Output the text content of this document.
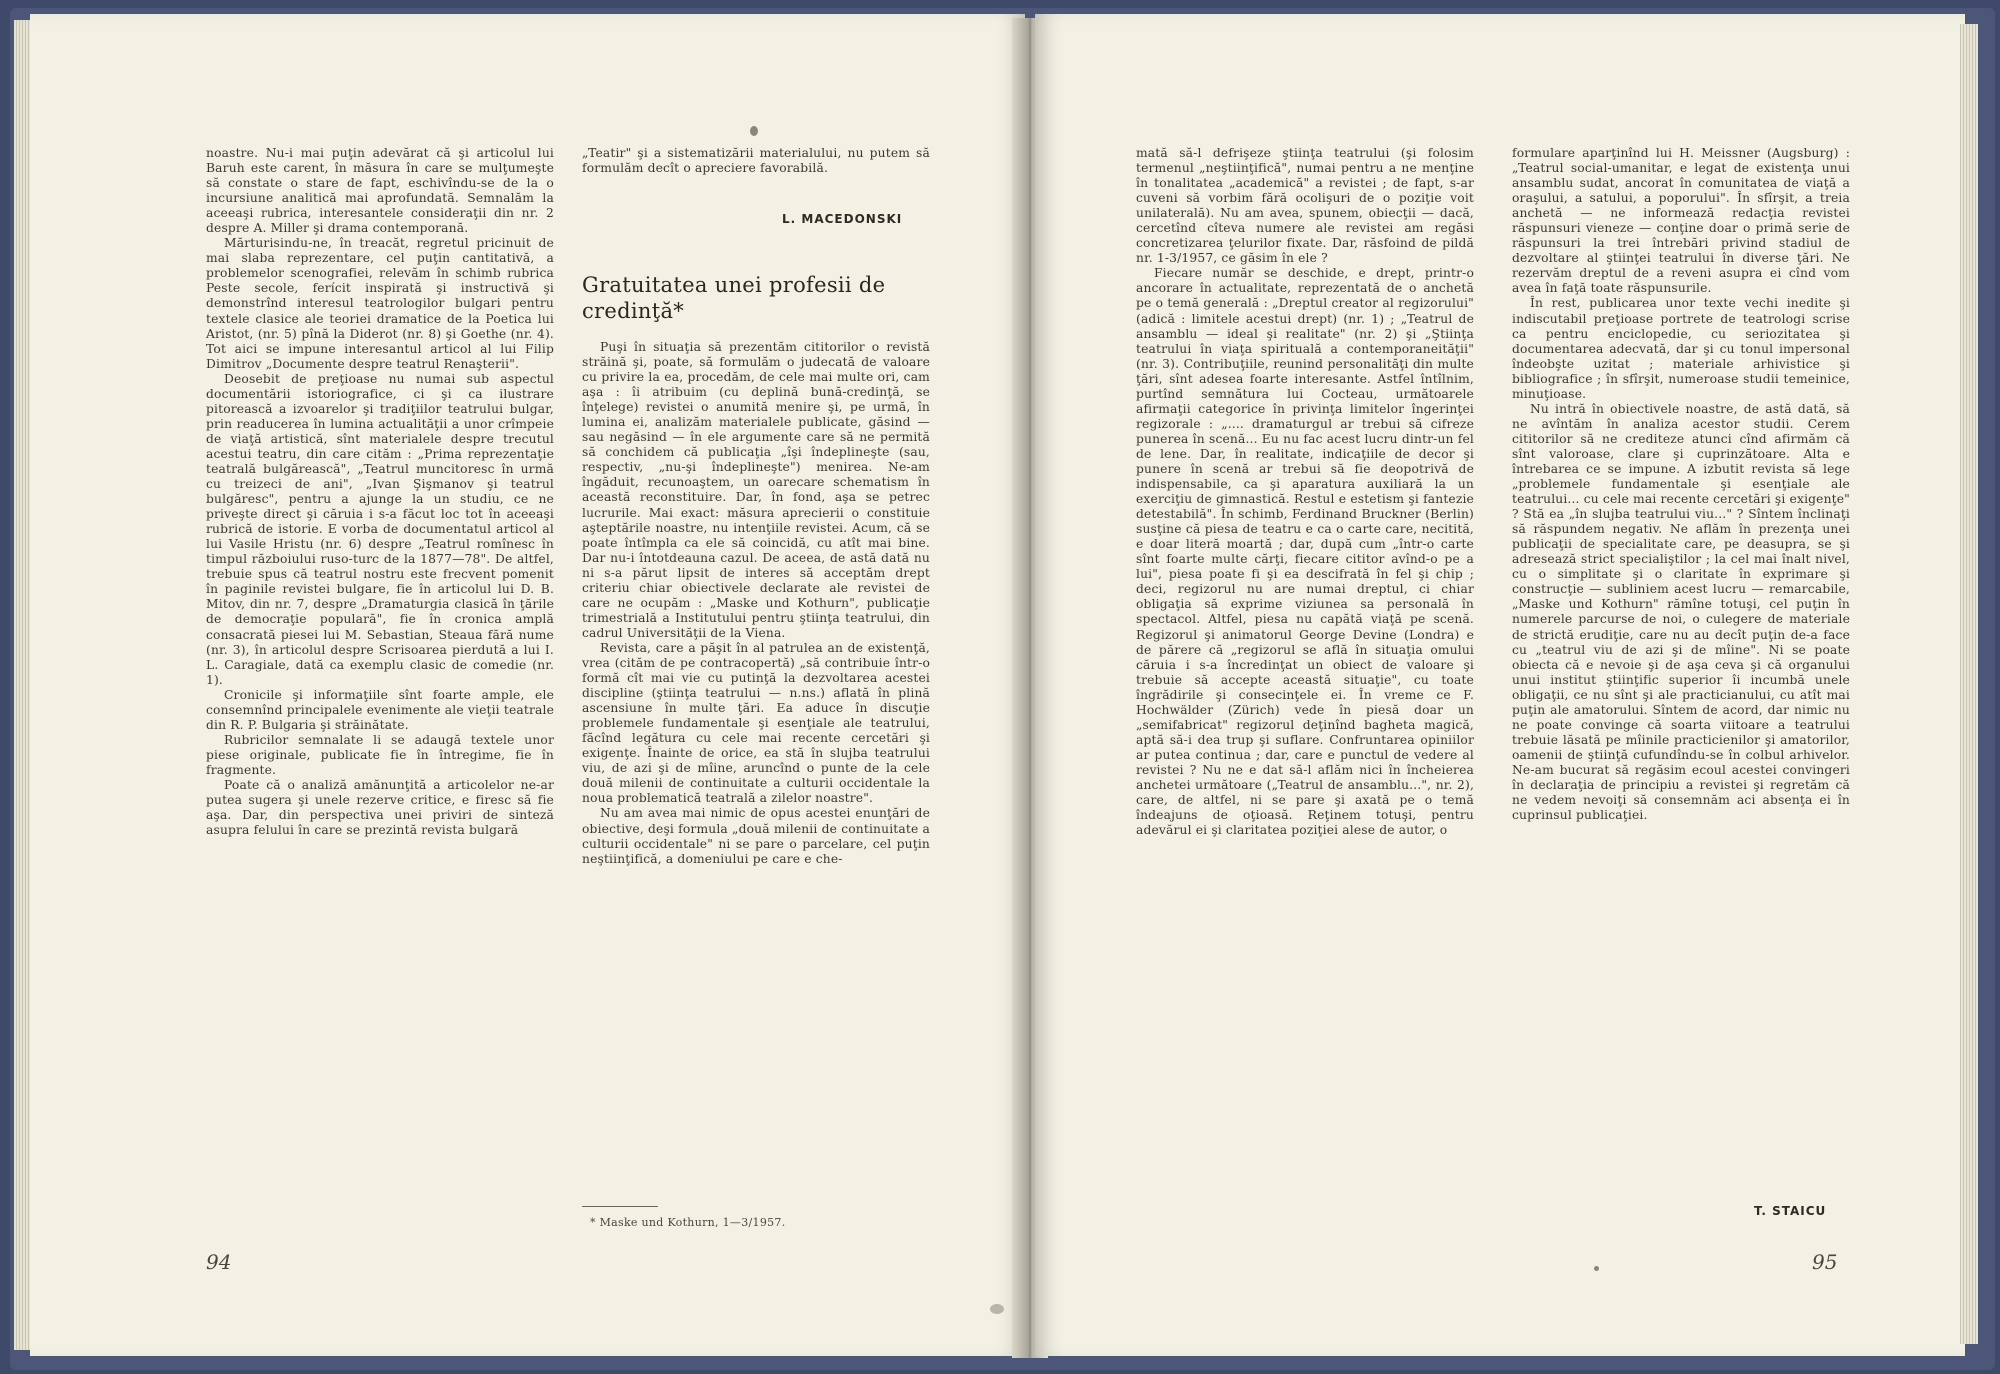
noastre. Nu-i mai puţin adevărat că şi articolul lui Baruh este carent, în măsura în care se mulţumeşte să constate o stare de fapt, eschivîndu-se de la o incursiune analitică mai aprofundată. Semnalăm la aceeaşi rubrica, interesantele consideraţii din nr. 2 despre A. Miller şi drama contemporană.

Mărturisindu-ne, în treacăt, regretul pricinuit de mai slaba reprezentare, cel puţin cantitativă, a problemelor scenografiei, relevăm în schimb rubrica Peste secole, ferícit inspirată şi instructivă şi demonstrînd interesul teatrologilor bulgari pentru textele clasice ale teoriei dramatice de la Poetica lui Aristot, (nr. 5) pînă la Diderot (nr. 8) şi Goethe (nr. 4). Tot aici se impune interesantul articol al lui Filip Dimitrov „Documente despre teatrul Renaşterii".

Deosebit de preţioase nu numai sub aspectul documentării istoriografice, ci şi ca ilustrare pitorească a izvoarelor şi tradiţiilor teatrului bulgar, prin readucerea în lumina actualităţii a unor crîmpeie de viaţă artistică, sînt materialele despre trecutul acestui teatru, din care cităm : „Prima reprezentaţie teatrală bulgărească", „Teatrul muncitoresc în urmă cu treizeci de ani", „Ivan Şişmanov şi teatrul bulgăresc", pentru a ajunge la un studiu, ce ne priveşte direct şi căruia i s-a făcut loc tot în aceeaşi rubrică de istorie. E vorba de documentatul articol al lui Vasile Hristu (nr. 6) despre „Teatrul romînesc în timpul războiului ruso-turc de la 1877—78". De altfel, trebuie spus că teatrul nostru este frecvent pomenit în paginile revistei bulgare, fie în articolul lui D. B. Mitov, din nr. 7, despre „Dramaturgia clasică în ţările de democraţie populară", fie în cronica amplă consacrată piesei lui M. Sebastian, Steaua fără nume (nr. 3), în articolul despre Scrisoarea pierdută a lui I. L. Caragiale, dată ca exemplu clasic de comedie (nr. 1).

Cronicile şi informaţiile sînt foarte ample, ele consemnînd principalele evenimente ale vieţii teatrale din R. P. Bulgaria şi străinătate.

Rubricilor semnalate li se adaugă textele unor piese originale, publicate fie în întregime, fie în fragmente.

Poate că o analiză amănunţită a articolelor ne-ar putea sugera şi unele rezerve critice, e firesc să fie aşa. Dar, din perspectiva unei priviri de sinteză asupra felului în care se prezintă revista bulgară

„Teatir" şi a sistematizării materialului, nu putem să formulăm decît o apreciere favorabilă.

L. MACEDONSKI
Gratuitatea unei profesii de credinţă*

Puşi în situaţia să prezentăm cititorilor o revistă străină şi, poate, să formulăm o judecată de valoare cu privire la ea, procedăm, de cele mai multe ori, cam aşa : îi atribuim (cu deplină bună-credinţă, se înţelege) revistei o anumită menire şi, pe urmă, în lumina ei, analizăm materialele publicate, găsind — sau negăsind — în ele argumente care să ne permită să conchidem că publicaţia „îşi îndeplineşte (sau, respectiv, „nu-şi îndeplineşte") menirea. Ne-am îngăduit, recunoaştem, un oarecare schematism în această reconstituire. Dar, în fond, aşa se petrec lucrurile. Mai exact: măsura aprecierii o constituie aşteptările noastre, nu intenţiile revistei. Acum, că se poate întîmpla ca ele să coincidă, cu atît mai bine. Dar nu-i întotdeauna cazul. De aceea, de astă dată nu ni s-a părut lipsit de interes să acceptăm drept criteriu chiar obiectivele declarate ale revistei de care ne ocupăm : „Maske und Kothurn", publicaţie trimestrială a Institutului pentru ştiinţa teatrului, din cadrul Universităţii de la Viena.

Revista, care a păşit în al patrulea an de existenţă, vrea (cităm de pe contracopertă) „să contribuie într-o formă cît mai vie cu putinţă la dezvoltarea acestei discipline (ştiinţa teatrului — n.ns.) aflată în plină ascensiune în multe ţări. Ea aduce în discuţie problemele fundamentale şi esenţiale ale teatrului, făcînd legătura cu cele mai recente cercetări şi exigenţe. Înainte de orice, ea stă în slujba teatrului viu, de azi şi de mîine, aruncînd o punte de la cele două milenii de continuitate a culturii occidentale la noua problematică teatrală a zilelor noastre".

Nu am avea mai nimic de opus acestei enunţări de obiective, deşi formula „două milenii de continuitate a culturii occidentale" ni se pare o parcelare, cel puţin neştiinţifică, a domeniului pe care e che-

* Maske und Kothurn, 1—3/1957.
94

mată să-l defrişeze ştiinţa teatrului (şi folosim termenul „neştiinţifică", numai pentru a ne menţine în tonalitatea „academică" a revistei ; de fapt, s-ar cuveni să vorbim fără ocolişuri de o poziţie voit unilaterală). Nu am avea, spunem, obiecţii — dacă, cercetînd cîteva numere ale revistei am regăsi concretizarea ţelurilor fixate. Dar, răsfoind de pildă nr. 1-3/1957, ce găsim în ele ?

Fiecare număr se deschide, e drept, printr-o ancorare în actualitate, reprezentată de o anchetă pe o temă generală : „Dreptul creator al regizorului" (adică : limitele acestui drept) (nr. 1) ; „Teatrul de ansamblu — ideal şi realitate" (nr. 2) şi „Ştiinţa teatrului în viaţa spirituală a contemporaneităţii" (nr. 3). Contribuţiile, reunind personalităţi din multe ţări, sînt adesea foarte interesante. Astfel întîlnim, purtînd semnătura lui Cocteau, următoarele afirmaţii categorice în privinţa limitelor îngerinţei regizorale : „.... dramaturgul ar trebui să cifreze punerea în scenă... Eu nu fac acest lucru dintr-un fel de lene. Dar, în realitate, indicaţiile de decor şi punere în scenă ar trebui să fie deopotrivă de indispensabile, ca şi aparatura auxiliară la un exerciţiu de gimnastică. Restul e estetism şi fantezie detestabilă". În schimb, Ferdinand Bruckner (Berlin) susţine că piesa de teatru e ca o carte care, necitită, e doar literă moartă ; dar, după cum „într-o carte sînt foarte multe cărţi, fiecare cititor avînd-o pe a lui", piesa poate fi şi ea descifrată în fel şi chip ; deci, regizorul nu are numai dreptul, ci chiar obligaţia să exprime viziunea sa personală în spectacol. Altfel, piesa nu capătă viaţă pe scenă. Regizorul şi animatorul George Devine (Londra) e de părere că „regizorul se află în situaţia omului căruia i s-a încredinţat un obiect de valoare şi trebuie să accepte această situaţie", cu toate îngrădirile şi consecinţele ei. În vreme ce F. Hochwälder (Zürich) vede în piesă doar un „semifabricat" regizorul deţinînd bagheta magică, aptă să-i dea trup şi suflare. Confruntarea opiniilor ar putea continua ; dar, care e punctul de vedere al revistei ? Nu ne e dat să-l aflăm nici în încheierea anchetei următoare („Teatrul de ansamblu...", nr. 2), care, de altfel, ni se pare şi axată pe o temă îndeajuns de oţioasă. Reţinem totuşi, pentru adevărul ei şi claritatea poziţiei alese de autor, o

formulare aparţinînd lui H. Meissner (Augsburg) : „Teatrul social-umanitar, e legat de existenţa unui ansamblu sudat, ancorat în comunitatea de viaţă a oraşului, a satului, a poporului". În sfîrşit, a treia anchetă — ne informează redacţia revistei răspunsuri vieneze — conţine doar o primă serie de răspunsuri la trei întrebări privind stadiul de dezvoltare al ştiinţei teatrului în diverse ţări. Ne rezervăm dreptul de a reveni asupra ei cînd vom avea în faţă toate răspunsurile.

În rest, publicarea unor texte vechi inedite şi indiscutabil preţioase portrete de teatrologi scrise ca pentru enciclopedie, cu seriozitatea şi documentarea adecvată, dar şi cu tonul impersonal îndeobşte uzitat ; materiale arhivistice şi bibliografice ; în sfîrşit, numeroase studii temeinice, minuţioase.

Nu intră în obiectivele noastre, de astă dată, să ne avîntăm în analiza acestor studii. Cerem cititorilor să ne crediteze atunci cînd afirmăm că sînt valoroase, clare şi cuprinzătoare. Alta e întrebarea ce se impune. A izbutit revista să lege „problemele fundamentale şi esenţiale ale teatrului... cu cele mai recente cercetări şi exigenţe" ? Stă ea „în slujba teatrului viu..." ? Sîntem înclinaţi să răspundem negativ. Ne aflăm în prezenţa unei publicaţii de specialitate care, pe deasupra, se şi adresează strict specialiştilor ; la cel mai înalt nivel, cu o simplitate şi o claritate în exprimare şi construcţie — subliniem acest lucru — remarcabile, „Maske und Kothurn" rămîne totuşi, cel puţin în numerele parcurse de noi, o culegere de materiale de strictă erudiţie, care nu au decît puţin de-a face cu „teatrul viu de azi şi de mîine". Ni se poate obiecta că e nevoie şi de aşa ceva şi că organului unui institut ştiinţific superior îi incumbă unele obligaţii, ce nu sînt şi ale practicianului, cu atît mai puţin ale amatorului. Sîntem de acord, dar nimic nu ne poate convinge că soarta viitoare a teatrului trebuie lăsată pe mîinile practicienilor şi amatorilor, oamenii de ştiinţă cufundîndu-se în colbul arhivelor. Ne-am bucurat să regăsim ecoul acestei convingeri în declaraţia de principiu a revistei şi regretăm că ne vedem nevoiţi să consemnăm aci absenţa ei în cuprinsul publicaţiei.

T. STAICU
95
